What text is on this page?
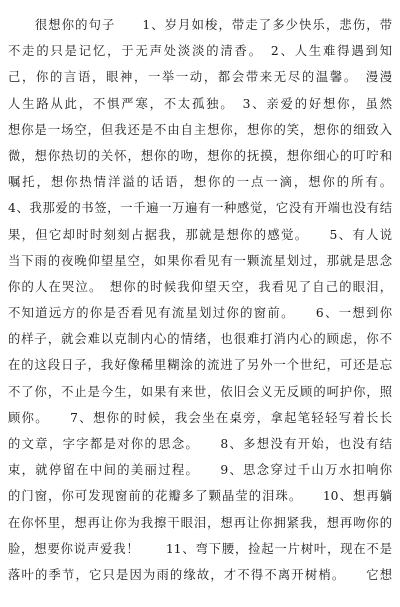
　　很想你的句子　　1、岁月如梭，带走了多少快乐，悲伤，带
不走的只是记忆，于无声处淡淡的清香。　2、人生难得遇到知
己，你的言语，眼神，一举一动，都会带来无尽的温馨。　漫漫
人生路从此，不惧严寒，不太孤独。　3、亲爱的好想你，虽然
想你是一场空，但我还是不由自主想你，想你的笑，想你的细致入
微，想你热切的关怀，想你的吻，想你的抚摸，想你细心的叮咛和
嘱托，想你热情洋溢的话语，想你的一点一滴，想你的所有。
4、我那爱的书签，一千遍一万遍有一种感觉，它没有开端也没有结
果，但它却时时刻刻占据我，那就是想你的感觉。　　5、有人说
当下雨的夜晚仰望星空，如果你看见有一颗流星划过，那就是思念
你的人在哭泣。　想你的时候我仰望天空，我看见了自己的眼泪，
不知道远方的你是否看见有流星划过你的窗前。　　6、一想到你
的样子，就会难以克制内心的情绪，也很难打消内心的顾虑，你不
在的这段日子，我好像稀里糊涂的流进了另外一个世纪，可还是忘
不了你，不止是今生，如果有来世，依旧会义无反顾的呵护你，照
顾你。　　7、想你的时候，我会坐在桌旁，拿起笔轻轻写着长长
的文章，字字都是对你的思念。　　8、多想没有开始，也没有结
束，就停留在中间的美丽过程。　　9、思念穿过千山万水扣响你
的门窗，你可发现窗前的花瓣多了颗晶莹的泪珠。　　10、想再躺
在你怀里，想再让你为我擦干眼泪，想再让你拥紧我，想再吻你的
脸，想要你说声爱我！　　11、弯下腰，捡起一片树叶，现在不是
落叶的季节，它只是因为雨的缘故，才不得不离开树梢。　　它想
